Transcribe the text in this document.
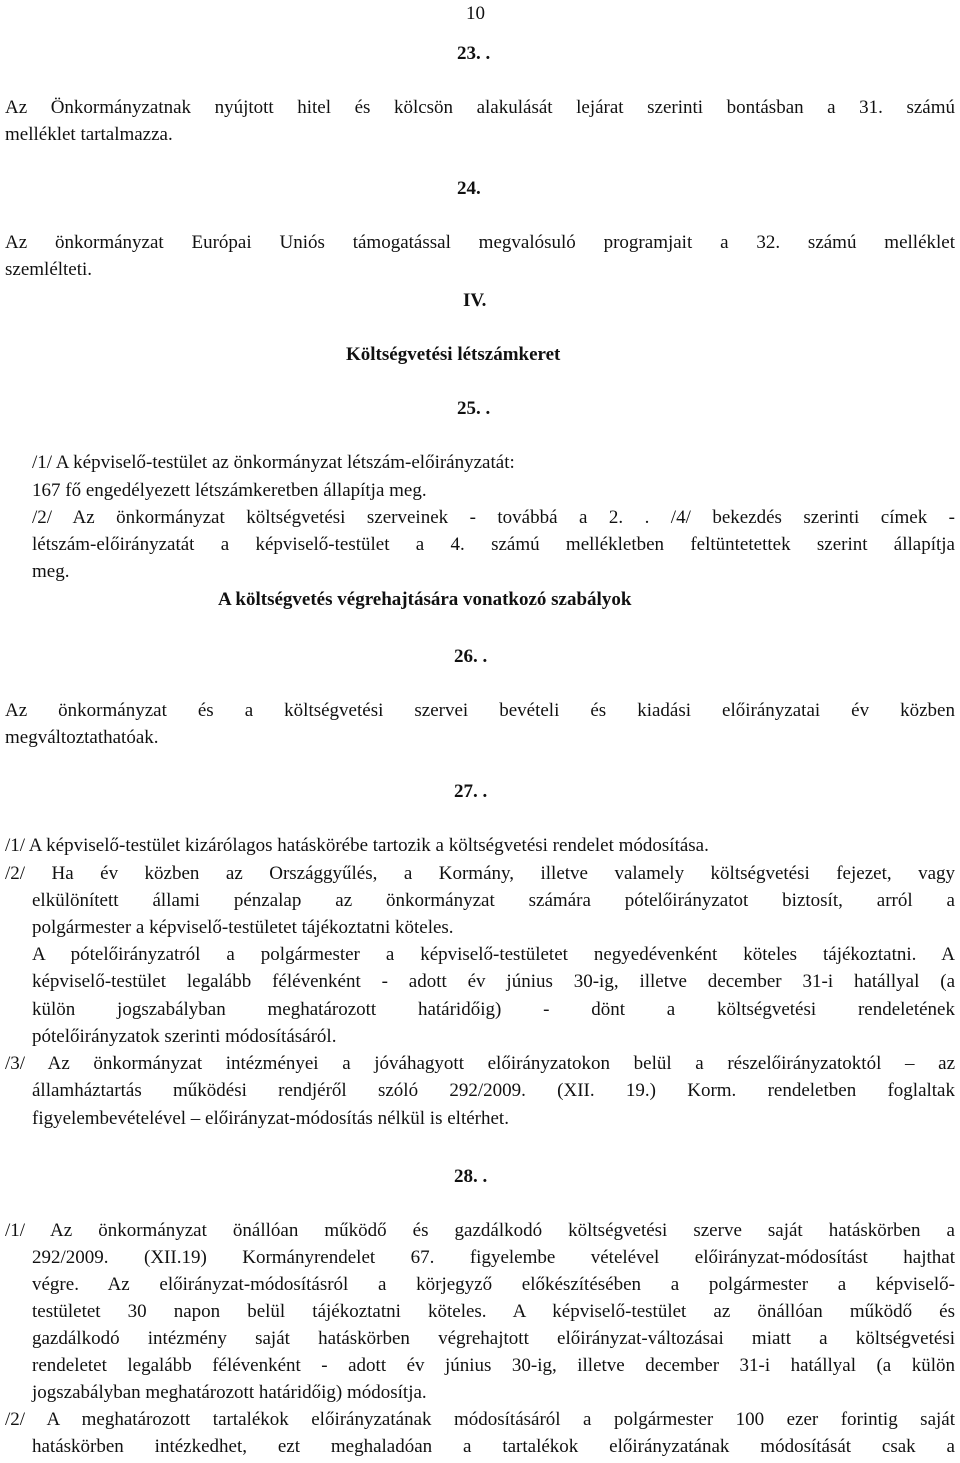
10
23. .
Az Önkormányzatnak nyújtott hitel és kölcsön alakulását lejárat szerinti bontásban a 31. számú
melléklet tartalmazza.
24.
Az önkormányzat Európai Uniós támogatással megvalósuló programjait a 32. számú melléklet
szemlélteti.
IV.
Költségvetési létszámkeret
25. .
/1/ A képviselő-testület az önkormányzat létszám-előirányzatát:
167 fő engedélyezett létszámkeretben állapítja meg.
/2/ Az önkormányzat költségvetési szerveinek - továbbá a 2. . /4/ bekezdés szerinti címek -
létszám-előirányzatát a képviselő-testület a 4. számú mellékletben feltüntetettek szerint állapítja
meg.
A költségvetés végrehajtására vonatkozó szabályok
26. .
Az önkormányzat és a költségvetési szervei bevételi és kiadási előirányzatai év közben
megváltoztathatóak.
27. .
/1/ A képviselő-testület kizárólagos hatáskörébe tartozik a költségvetési rendelet módosítása.
/2/ Ha év közben az Országgyűlés, a Kormány, illetve valamely költségvetési fejezet, vagy
elkülönített állami pénzalap az önkormányzat számára pótelőirányzatot biztosít, arról a
polgármester a képviselő-testületet tájékoztatni köteles.
A pótelőirányzatról a polgármester a képviselő-testületet negyedévenként köteles tájékoztatni. A
képviselő-testület legalább félévenként - adott év június 30-ig, illetve december 31-i hatállyal (a
külön jogszabályban meghatározott határidőig) - dönt a költségvetési rendeletének
pótelőirányzatok szerinti módosításáról.
/3/ Az önkormányzat intézményei a jóváhagyott előirányzatokon belül a részelőirányzatoktól – az
államháztartás működési rendjéről szóló 292/2009. (XII. 19.) Korm. rendeletben foglaltak
figyelembevételével – előirányzat-módosítás nélkül is eltérhet.
28. .
/1/ Az önkormányzat önállóan működő és gazdálkodó költségvetési szerve saját hatáskörben a
292/2009. (XII.19) Kormányrendelet 67. figyelembe vételével előirányzat-módosítást hajthat
végre. Az előirányzat-módosításról a körjegyző előkészítésében a polgármester a képviselő-
testületet 30 napon belül tájékoztatni köteles. A képviselő-testület az önállóan működő és
gazdálkodó intézmény saját hatáskörben végrehajtott előirányzat-változásai miatt a költségvetési
rendeletet legalább félévenként - adott év június 30-ig, illetve december 31-i hatállyal (a külön
jogszabályban meghatározott határidőig) módosítja.
/2/ A meghatározott tartalékok előirányzatának módosításáról a polgármester 100 ezer forintig saját
hatáskörben intézkedhet, ezt meghaladóan a tartalékok előirányzatának módosítását csak a
